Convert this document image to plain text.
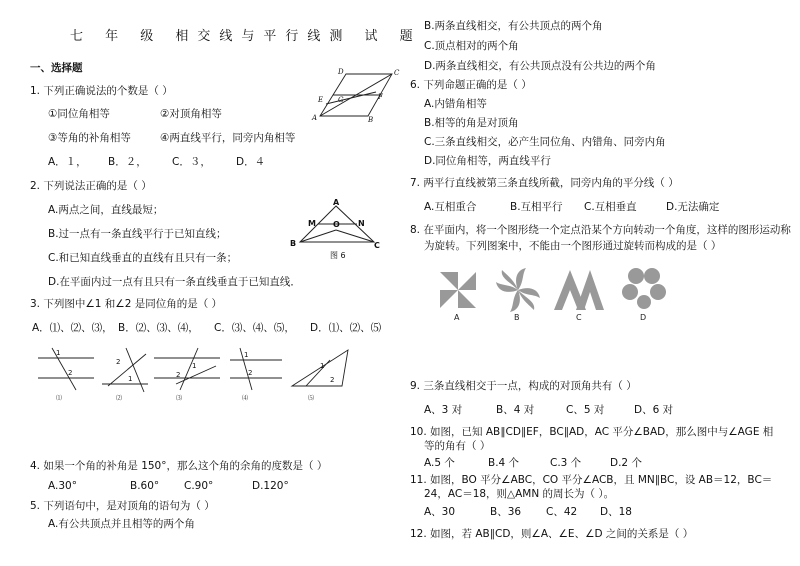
七 年 级 相交线与平行线测 试 题
一、选择题
1. 下列正确说法的个数是（ ）
①同位角相等	②对顶角相等
③等角的补角相等	④两直线平行，同旁内角相等
A．１， B．２， C．３， D．４
D	C
E G	F
A	B
2. 下列说法正确的是（ ）
A.两点之间，直线最短；
B.过一点有一条直线平行于已知直线；
C.和已知直线垂直的直线有且只有一条；
D.在平面内过一点有且只有一条直线垂直于已知直线．
A
B	C
M	N
O
图 6
3. 下列图中∠1 和∠2 是同位角的是（ ）
A．⑴、⑵、⑶， B．⑵、⑶、⑷， C．⑶、⑷、⑸， D．⑴、⑵、⑸
1
2
1
2	1
2
1
2
1
2
⑴	⑵	⑶	⑷	⑸
4. 如果一个角的补角是 150°，那么这个角的余角的度数是（ ）
A.30°	B.60° C.90°	D.120°
5. 下列语句中，是对顶角的语句为（ ）
A.有公共顶点并且相等的两个角
B.两条直线相交，有公共顶点的两个角
C.顶点相对的两个角
D.两条直线相交，有公共顶点没有公共边的两个角
6. 下列命题正确的是（ ）
A.内错角相等
B.相等的角是对顶角
C.三条直线相交，必产生同位角、内错角、同旁内角
D.同位角相等，两直线平行
7. 两平行直线被第三条直线所截，同旁内角的平分线（ ）
A.互相重合	B.互相平行 C.互相垂直	D.无法确定
8. 在平面内，将一个图形绕一个定点沿某个方向转动一个角度，这样的图形运动称
为旋转。下列图案中，不能由一个图形通过旋转而构成的是（ ）
A	B	C	D
9. 三条直线相交于一点，构成的对顶角共有（ ）
A、3 对	B、4 对	C、5 对	D、6 对
10. 如图，已知 AB∥CD∥EF，BC∥AD，AC 平分∠BAD，那么图中与∠AGE 相
等的角有（ ）
A.5 个	B.4 个	C.3 个	D.2 个
11. 如图，BO 平分∠ABC，CO 平分∠ACB，且 MN∥BC，设 AB＝12，BC＝
24，AC＝18，则△AMN 的周长为（ ）。
A、30	B、36 C、42 D、18
12. 如图，若 AB∥CD，则∠A、∠E、∠D 之间的关系是（ ）
